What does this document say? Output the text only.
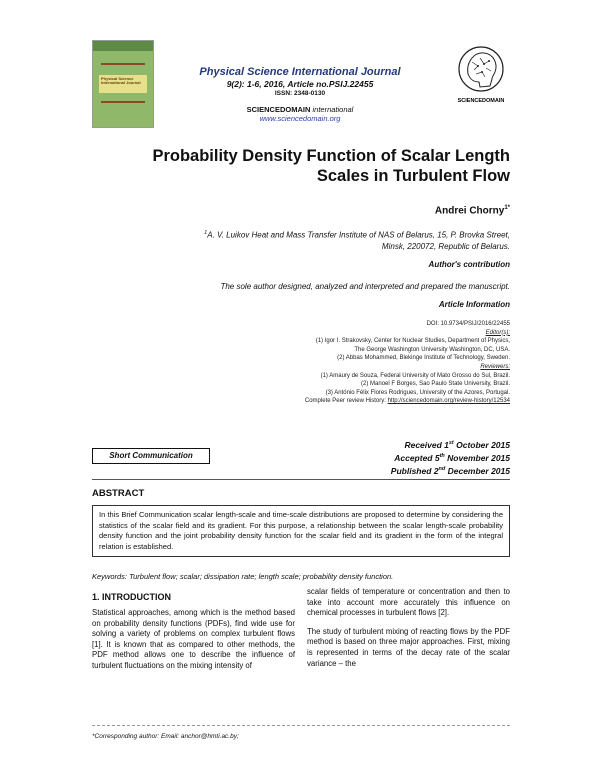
Physical Science International Journal
Physical Science International Journal
9(2): 1-6, 2016, Article no.PSIJ.22455
ISSN: 2348-0130
SCIENCEDOMAIN international
www.sciencedomain.org
SCIENCEDOMAIN
Probability Density Function of Scalar Length
Scales in Turbulent Flow
Andrei Chorny$^{1*}$
$^1$A. V. Luikov Heat and Mass Transfer Institute of NAS of Belarus, 15, P. Brovka Street,
Minsk, 220072, Republic of Belarus.
Author's contribution
The sole author designed, analyzed and interpreted and prepared the manuscript.
Article Information
DOI: 10.9734/PSIJ/2016/22455
Editor(s):
(1) Igor I. Strakovsky, Center for Nuclear Studies, Department of Physics,
The George Washington University Washington, DC, USA.
(2) Abbas Mohammed, Blekinge Institute of Technology, Sweden.
Reviewers:
(1) Amaury de Souza, Federal University of Mato Grosso do Sul, Brazil.
(2) Manoel F Borges, Sao Paulo State University, Brazil.
(3) António Félix Flores Rodrigues, University of the Azores, Portugal.
Complete Peer review History: http://sciencedomain.org/review-history/12534
Short Communication
Received 1st October 2015
Accepted 5th November 2015
Published 2nd December 2015
ABSTRACT
In this Brief Communication scalar length-scale and time-scale distributions are proposed to determine by considering the statistics of the scalar field and its gradient. For this purpose, a relationship between the scalar length-scale probability density function and the joint probability density function for the scalar field and its gradient in the form of the integral relation is established.
Keywords: Turbulent flow; scalar; dissipation rate; length scale; probability density function.
1. INTRODUCTION
Statistical approaches, among which is the method based on probability density functions (PDFs), find wide use for solving a variety of problems on complex turbulent flows [1]. It is known that as compared to other methods, the PDF method allows one to describe the influence of turbulent fluctuations on the mixing intensity of
scalar fields of temperature or concentration and then to take into account more accurately this influence on chemical processes in turbulent flows [2].
The study of turbulent mixing of reacting flows by the PDF method is based on three major approaches. First, mixing is represented in terms of the decay rate of the scalar variance – the
*Corresponding author: Email: anchor@hmti.ac.by;
